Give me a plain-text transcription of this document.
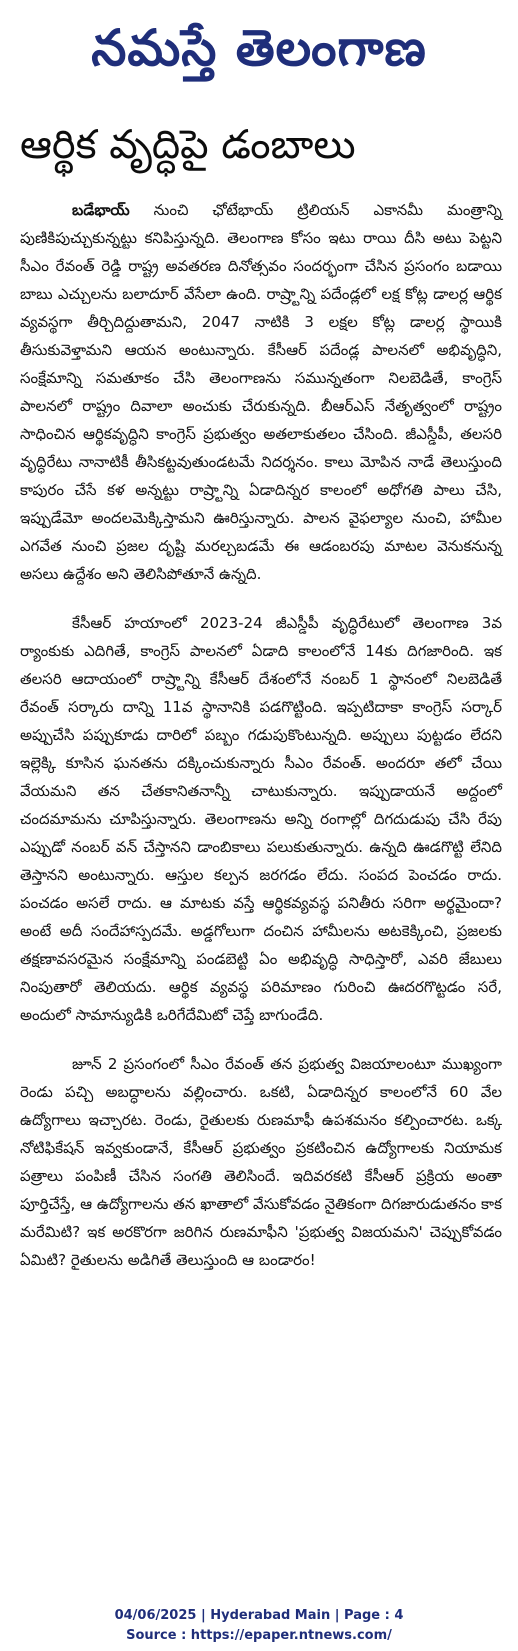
నమస్తే తెలంగాణ
ఆర్థిక వృద్ధిపై డంబాలు

బడేభాయ్ నుంచి ఛోటేభాయ్ ట్రిలియన్ ఎకానమీ మంత్రాన్ని పుణికిపుచ్చుకున్నట్టు కనిపిస్తున్నది. తెలంగాణ కోసం ఇటు రాయి దీసి అటు పెట్టని సీఎం రేవంత్ రెడ్డి రాష్ట్ర అవతరణ దినోత్సవం సందర్భంగా చేసిన ప్రసంగం బడాయి బాబు ఎచ్చులను బలాదూర్ వేసేలా ఉంది. రాష్ర్టాన్ని పదేండ్లలో లక్ష కోట్ల డాలర్ల ఆర్థిక వ్యవస్థగా తీర్చిదిద్దుతామని, 2047 నాటికి 3 లక్షల కోట్ల డాలర్ల స్థాయికి తీసుకువెళ్తామని ఆయన అంటున్నారు. కేసీఆర్ పదేండ్ల పాలనలో అభివృద్ధిని, సంక్షేమాన్ని సమతూకం చేసి తెలంగాణను సమున్నతంగా నిలబెడితే, కాంగ్రెస్ పాలనలో రాష్ట్రం దివాలా అంచుకు చేరుకున్నది. బీఆర్ఎస్ నేతృత్వంలో రాష్ట్రం సాధించిన ఆర్థికవృద్ధిని కాంగ్రెస్ ప్రభుత్వం అతలాకుతలం చేసింది. జీఎస్డీపీ, తలసరి వృద్ధిరేటు నానాటికీ తీసికట్టవుతుండటమే నిదర్శనం. కాలు మోపిన నాడే తెలుస్తుంది కాపురం చేసే కళ అన్నట్టు రాష్ర్టాన్ని ఏడాదిన్నర కాలంలో అధోగతి పాలు చేసి, ఇప్పుడేమో అందలమెక్కిస్తామని ఊరిస్తున్నారు. పాలన వైఫల్యాల నుంచి, హామీల ఎగవేత నుంచి ప్రజల దృష్టి మరల్చబడమే ఈ ఆడంబరపు మాటల వెనుకనున్న అసలు ఉద్దేశం అని తెలిసిపోతూనే ఉన్నది.

కేసీఆర్ హయాంలో 2023-24 జీఎస్డీపీ వృద్ధిరేటులో తెలంగాణ 3వ ర్యాంకుకు ఎదిగితే, కాంగ్రెస్ పాలనలో ఏడాది కాలంలోనే 14కు దిగజారింది. ఇక తలసరి ఆదాయంలో రాష్ర్టాన్ని కేసీఆర్ దేశంలోనే నంబర్ 1 స్థానంలో నిలబెడితే రేవంత్ సర్కారు దాన్ని 11వ స్థానానికి పడగొట్టింది. ఇప్పటిదాకా కాంగ్రెస్ సర్కార్ అప్పుచేసి పప్పుకూడు దారిలో పబ్బం గడుపుకొంటున్నది. అప్పులు పుట్టడం లేదని ఇల్లెక్కి కూసిన ఘనతను దక్కించుకున్నారు సీఎం రేవంత్. అందరూ తలో చేయి వేయమని తన చేతకానితనాన్నీ చాటుకున్నారు. ఇప్పుడాయనే అద్దంలో చందమామను చూపిస్తున్నారు. తెలంగాణను అన్ని రంగాల్లో దిగదుడుపు చేసి రేపు ఎప్పుడో నంబర్ వన్ చేస్తానని డాంబికాలు పలుకుతున్నారు. ఉన్నది ఊడగొట్టి లేనిది తెస్తానని అంటున్నారు. ఆస్తుల కల్పన జరగడం లేదు. సంపద పెంచడం రాదు. పంచడం అసలే రాదు. ఆ మాటకు వస్తే ఆర్థికవ్యవస్థ పనితీరు సరిగా అర్థమైందా? అంటే అదీ సందేహాస్పదమే. అడ్డగోలుగా దంచిన హామీలను అటకెక్కించి, ప్రజలకు తక్షణావసరమైన సంక్షేమాన్ని పండబెట్టి ఏం అభివృద్ధి సాధిస్తారో, ఎవరి జేబులు నింపుతారో తెలియదు. ఆర్థిక వ్యవస్థ పరిమాణం గురించి ఊదరగొట్టడం సరే, అందులో సామాన్యుడికి ఒరిగేదేమిటో చెప్తే బాగుండేది.

జూన్ 2 ప్రసంగంలో సీఎం రేవంత్ తన ప్రభుత్వ విజయాలంటూ ముఖ్యంగా రెండు పచ్చి అబద్ధాలను వల్లించారు. ఒకటి, ఏడాదిన్నర కాలంలోనే 60 వేల ఉద్యోగాలు ఇచ్చారట. రెండు, రైతులకు రుణమాఫీ ఉపశమనం కల్పించారట. ఒక్క నోటిఫికేషన్ ఇవ్వకుండానే, కేసీఆర్ ప్రభుత్వం ప్రకటించిన ఉద్యోగాలకు నియామక పత్రాలు పంపిణీ చేసిన సంగతి తెలిసిందే. ఇదివరకటి కేసీఆర్ ప్రక్రియ అంతా పూర్తిచేస్తే, ఆ ఉద్యోగాలను తన ఖాతాలో వేసుకోవడం నైతికంగా దిగజారుడుతనం కాక మరేమిటి? ఇక అరకొరగా జరిగిన రుణమాఫీని 'ప్రభుత్వ విజయమని' చెప్పుకోవడం ఏమిటి? రైతులను అడిగితే తెలుస్తుంది ఆ బండారం!

04/06/2025 | Hyderabad Main | Page : 4
Source : https://epaper.ntnews.com/
